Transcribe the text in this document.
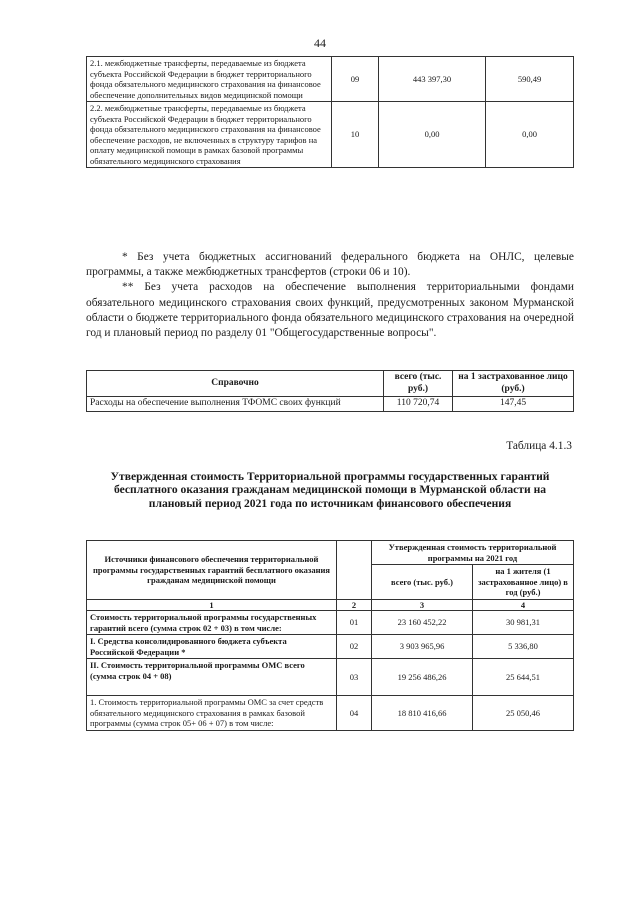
44
2.1. межбюджетные трансферты, передаваемые из бюджета субъекта Российской Федерации в бюджет территориального фонда обязательного медицинского страхования на финансовое обеспечение дополнительных видов медицинской помощи	09	443 397,30	590,49
2.2. межбюджетные трансферты, передаваемые из бюджета субъекта Российской Федерации в бюджет территориального фонда обязательного медицинского страхования на финансовое обеспечение расходов, не включенных в структуру тарифов на оплату медицинской помощи в рамках базовой программы обязательного медицинского страхования	10	0,00	0,00

* Без учета бюджетных ассигнований федерального бюджета на ОНЛС, целевые программы, а также межбюджетных трансфертов (строки 06 и 10).

** Без учета расходов на обеспечение выполнения территориальными фондами обязательного медицинского страхования своих функций, предусмотренных законом Мурманской области о бюджете территориального фонда обязательного медицинского страхования на очередной год и плановый период по разделу 01 "Общегосударственные вопросы".

Справочно	всего (тыс. руб.)	на 1 застрахованное лицо (руб.)
Расходы на обеспечение выполнения ТФОМС своих функций	110 720,74	147,45
Таблица 4.1.3
Утвержденная стоимость Территориальной программы государственных гарантий бесплатного оказания гражданам медицинской помощи в Мурманской области на плановый период 2021 года по источникам финансового обеспечения
Источники финансового обеспечения территориальной программы государственных гарантий бесплатного оказания гражданам медицинской помощи		Утвержденная стоимость территориальной программы на 2021 год	
		всего (тыс. руб.)	на 1 жителя (1 застрахованное лицо) в год (руб.)
1	2	3	4
Стоимость территориальной программы государственных гарантий всего (сумма строк 02 + 03) в том числе:	01	23 160 452,22	30 981,31
I. Средства консолидированного бюджета субъекта Российской Федерации *	02	3 903 965,96	5 336,80
II. Стоимость территориальной программы ОМС всего (сумма строк 04 + 08)	03	19 256 486,26	25 644,51
1. Стоимость территориальной программы ОМС за счет средств обязательного медицинского страхования в рамках базовой программы (сумма строк 05+ 06 + 07) в том числе:	04	18 810 416,66	25 050,46
